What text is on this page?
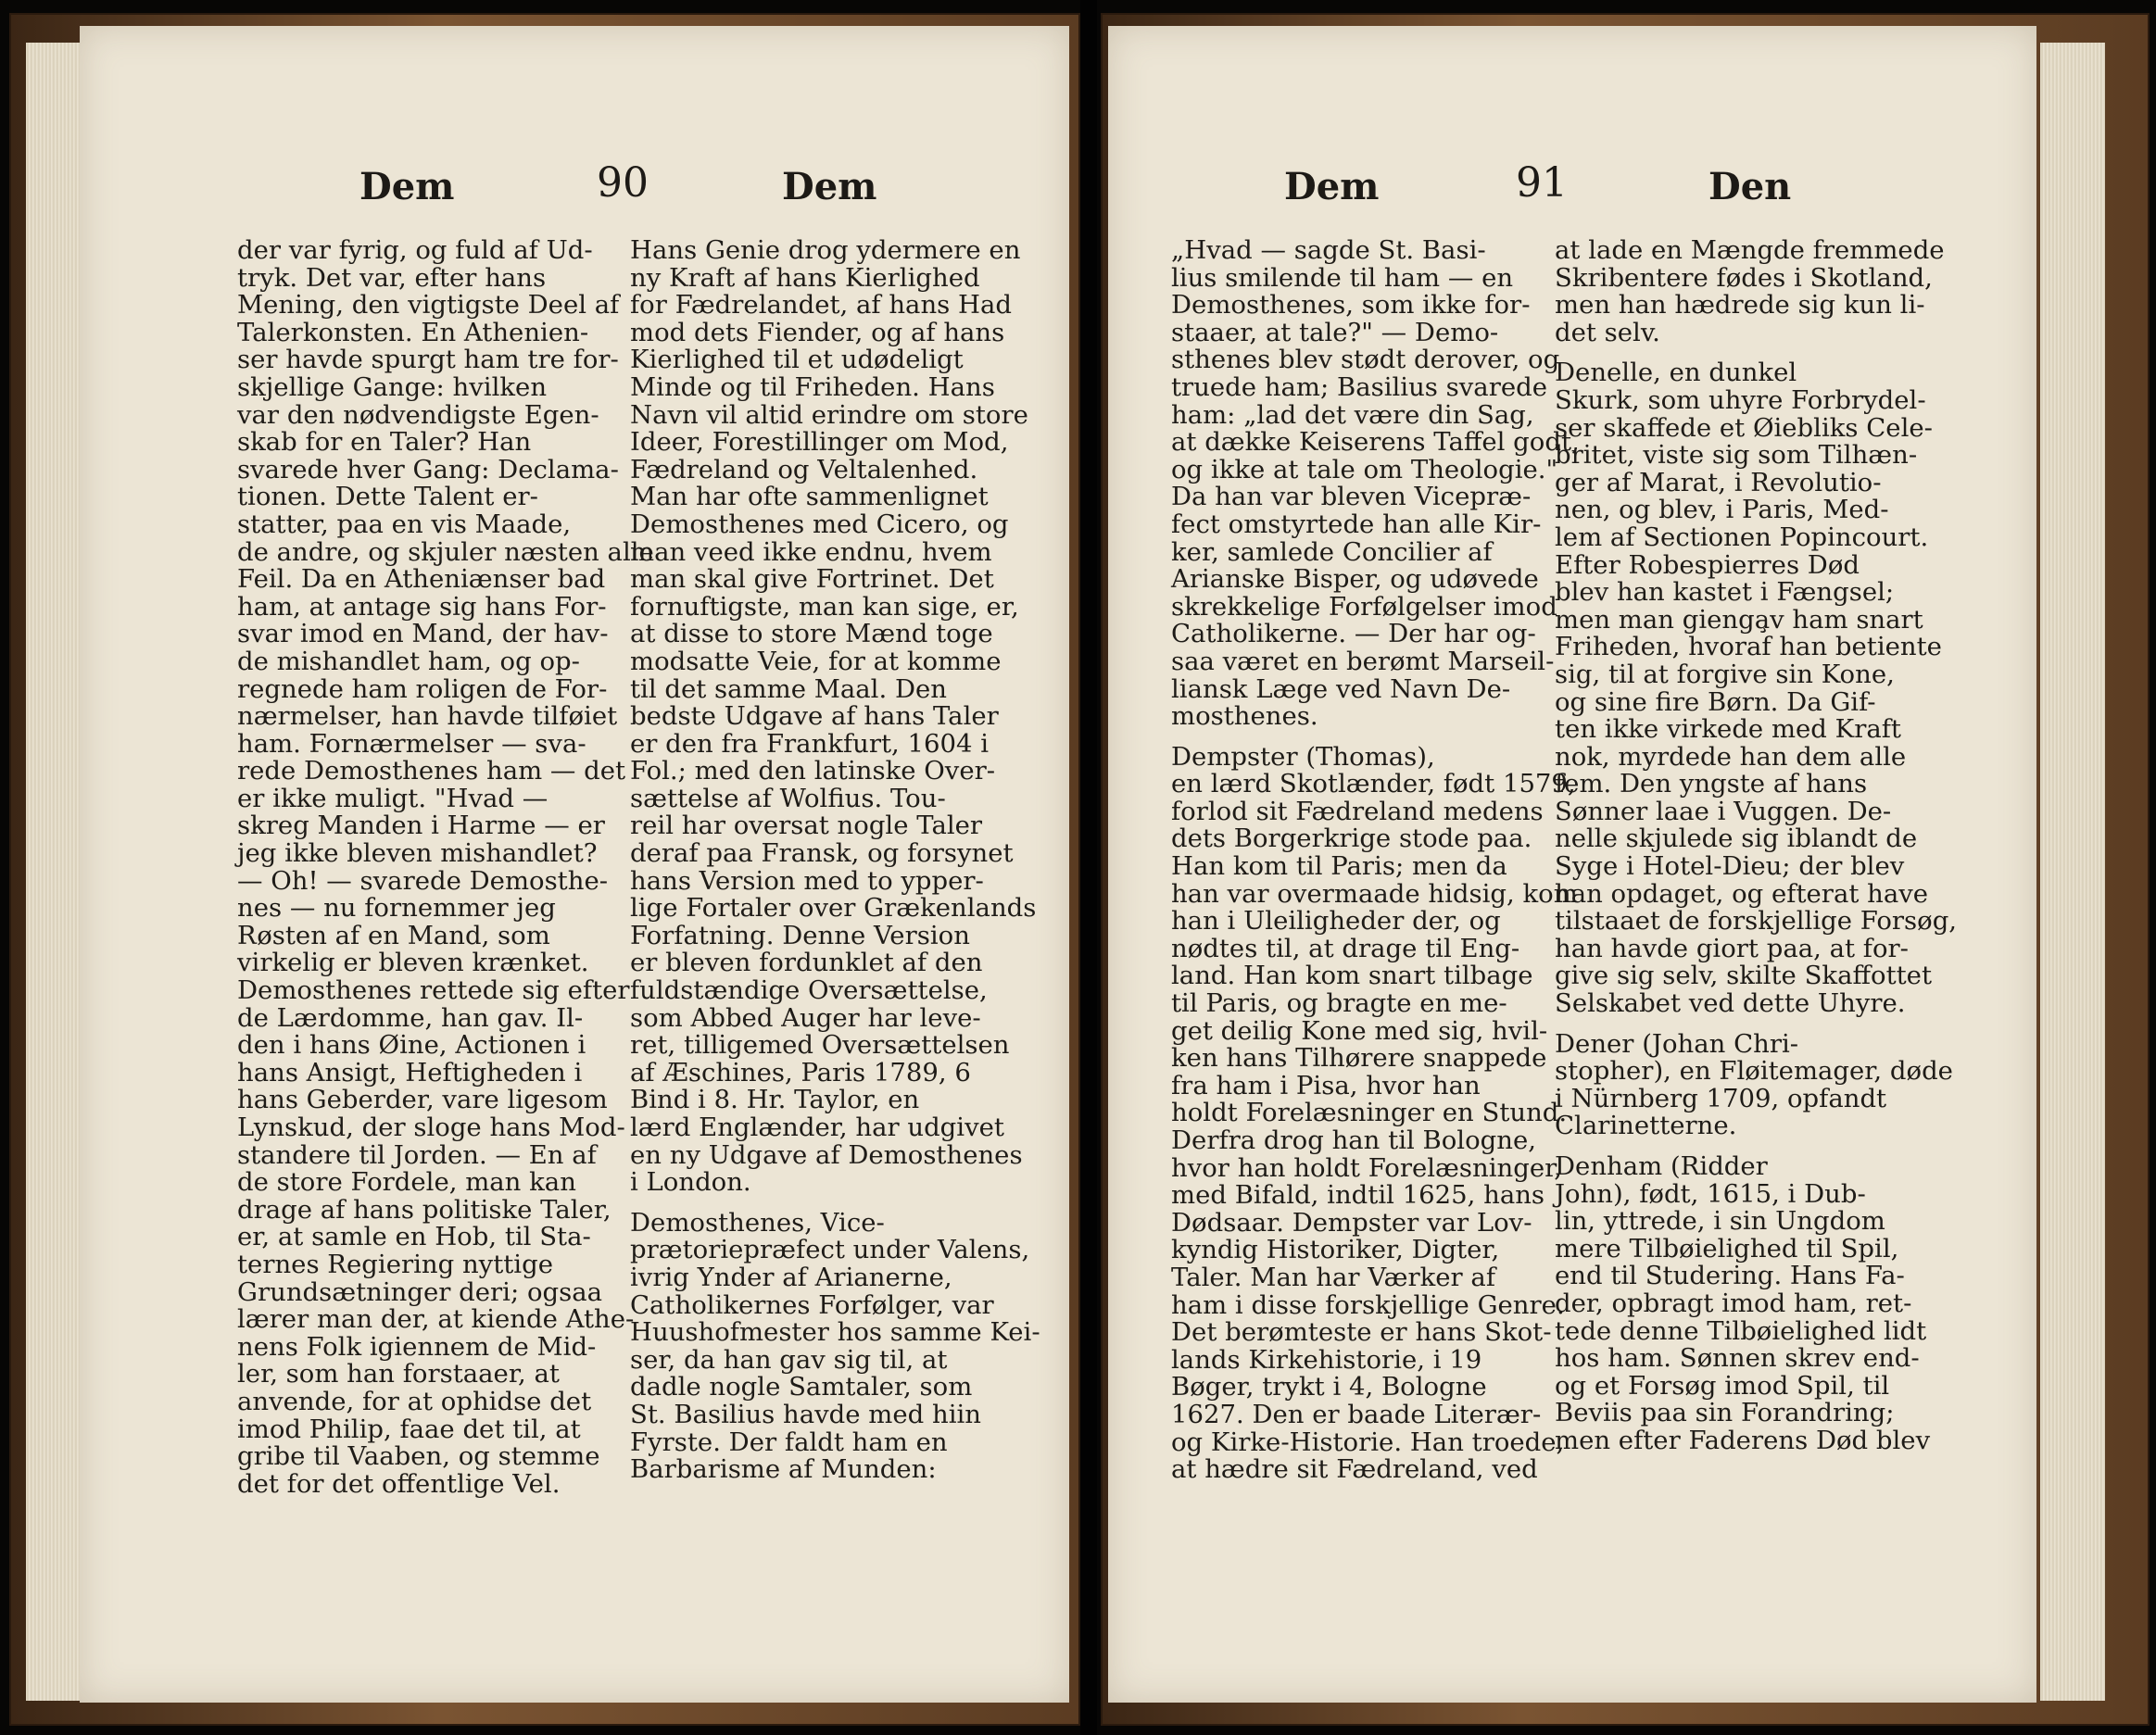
Dem	90	Dem
der var fyrig, og fuld af Ud-
tryk. Det var, efter hans
Mening, den vigtigste Deel af
Talerkonsten. En Athenien-
ser havde spurgt ham tre for-
skjellige Gange: hvilken
var den nødvendigste Egen-
skab for en Taler? Han
svarede hver Gang: Declama-
tionen. Dette Talent er-
statter, paa en vis Maade,
de andre, og skjuler næsten alle
Feil. Da en Atheniænser bad
ham, at antage sig hans For-
svar imod en Mand, der hav-
de mishandlet ham, og op-
regnede ham roligen de For-
nærmelser, han havde tilføiet
ham. Fornærmelser — sva-
rede Demosthenes ham — det
er ikke muligt. "Hvad —
skreg Manden i Harme — er
jeg ikke bleven mishandlet?
— Oh! — svarede Demosthe-
nes — nu fornemmer jeg
Røsten af en Mand, som
virkelig er bleven krænket.
Demosthenes rettede sig efter
de Lærdomme, han gav. Il-
den i hans Øine, Actionen i
hans Ansigt, Heftigheden i
hans Geberder, vare ligesom
Lynskud, der sloge hans Mod-
standere til Jorden. — En af
de store Fordele, man kan
drage af hans politiske Taler,
er, at samle en Hob, til Sta-
ternes Regiering nyttige
Grundsætninger deri; ogsaa
lærer man der, at kiende Athe-
nens Folk igiennem de Mid-
ler, som han forstaaer, at
anvende, for at ophidse det
imod Philip, faae det til, at
gribe til Vaaben, og stemme
det for det offentlige Vel.
Hans Genie drog ydermere en
ny Kraft af hans Kierlighed
for Fædrelandet, af hans Had
mod dets Fiender, og af hans
Kierlighed til et udødeligt
Minde og til Friheden. Hans
Navn vil altid erindre om store
Ideer, Forestillinger om Mod,
Fædreland og Veltalenhed.
Man har ofte sammenlignet
Demosthenes med Cicero, og
man veed ikke endnu, hvem
man skal give Fortrinet. Det
fornuftigste, man kan sige, er,
at disse to store Mænd toge
modsatte Veie, for at komme
til det samme Maal. Den
bedste Udgave af hans Taler
er den fra Frankfurt, 1604 i
Fol.; med den latinske Over-
sættelse af Wolfius. Tou-
reil har oversat nogle Taler
deraf paa Fransk, og forsynet
hans Version med to ypper-
lige Fortaler over Grækenlands
Forfatning. Denne Version
er bleven fordunklet af den
fuldstændige Oversættelse,
som Abbed Auger har leve-
ret, tilligemed Oversættelsen
af Æschines, Paris 1789, 6
Bind i 8. Hr. Taylor, en
lærd Englænder, har udgivet
en ny Udgave af Demosthenes
i London.
Demosthenes, Vice-
prætoriepræfect under Valens,
ivrig Ynder af Arianerne,
Catholikernes Forfølger, var
Huushofmester hos samme Kei-
ser, da han gav sig til, at
dadle nogle Samtaler, som
St. Basilius havde med hiin
Fyrste. Der faldt ham en
Barbarisme af Munden:
Dem	91	Den
„Hvad — sagde St. Basi-
lius smilende til ham — en
Demosthenes, som ikke for-
staaer, at tale?" — Demo-
sthenes blev stødt derover, og
truede ham; Basilius svarede
ham: „lad det være din Sag,
at dække Keiserens Taffel godt,
og ikke at tale om Theologie."
Da han var bleven Vicepræ-
fect omstyrtede han alle Kir-
ker, samlede Concilier af
Arianske Bisper, og udøvede
skrekkelige Forfølgelser imod
Catholikerne. — Der har og-
saa været en berømt Marseil-
liansk Læge ved Navn De-
mosthenes.
Dempster (Thomas),
en lærd Skotlænder, født 1579,
forlod sit Fædreland medens
dets Borgerkrige stode paa.
Han kom til Paris; men da
han var overmaade hidsig, kom
han i Uleiligheder der, og
nødtes til, at drage til Eng-
land. Han kom snart tilbage
til Paris, og bragte en me-
get deilig Kone med sig, hvil-
ken hans Tilhørere snappede
fra ham i Pisa, hvor han
holdt Forelæsninger en Stund.
Derfra drog han til Bologne,
hvor han holdt Forelæsninger,
med Bifald, indtil 1625, hans
Dødsaar. Dempster var Lov-
kyndig Historiker, Digter,
Taler. Man har Værker af
ham i disse forskjellige Genre.
Det berømteste er hans Skot-
lands Kirkehistorie, i 19
Bøger, trykt i 4, Bologne
1627. Den er baade Literær-
og Kirke-Historie. Han troede,
at hædre sit Fædreland, ved
at lade en Mængde fremmede
Skribentere fødes i Skotland,
men han hædrede sig kun li-
det selv.
Denelle, en dunkel
Skurk, som uhyre Forbrydel-
ser skaffede et Øiebliks Cele-
britet, viste sig som Tilhæn-
ger af Marat, i Revolutio-
nen, og blev, i Paris, Med-
lem af Sectionen Popincourt.
Efter Robespierres Død
blev han kastet i Fængsel;
men man gienga̧v ham snart
Friheden, hvoraf han betiente
sig, til at forgive sin Kone,
og sine fire Børn. Da Gif-
ten ikke virkede med Kraft
nok, myrdede han dem alle
fem. Den yngste af hans
Sønner laae i Vuggen. De-
nelle skjulede sig iblandt de
Syge i Hotel-Dieu; der blev
han opdaget, og efterat have
tilstaaet de forskjellige Forsøg,
han havde giort paa, at for-
give sig selv, skilte Skaffottet
Selskabet ved dette Uhyre.
Dener (Johan Chri-
stopher), en Fløitemager, døde
i Nürnberg 1709, opfandt
Clarinetterne.
Denham (Ridder
John), født, 1615, i Dub-
lin, yttrede, i sin Ungdom
mere Tilbøielighed til Spil,
end til Studering. Hans Fa-
der, opbragt imod ham, ret-
tede denne Tilbøielighed lidt
hos ham. Sønnen skrev end-
og et Forsøg imod Spil, til
Beviis paa sin Forandring;
men efter Faderens Død blev
